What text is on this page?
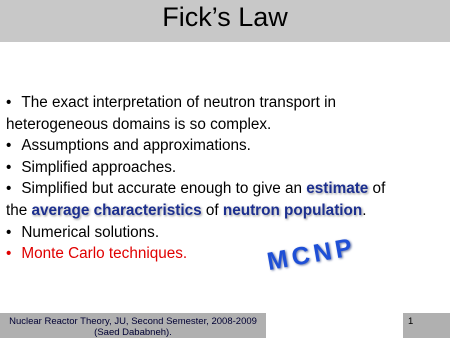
Fick’s Law
• The exact interpretation of neutron transport in
heterogeneous domains is so complex.
• Assumptions and approximations.
• Simplified approaches.
• Simplified but accurate enough to give an estimate of
the average characteristics of neutron population.
• Numerical solutions.
• Monte Carlo techniques.	MCNP
Nuclear Reactor Theory, JU, Second Semester, 2008-2009 (Saed Dababneh).
1
